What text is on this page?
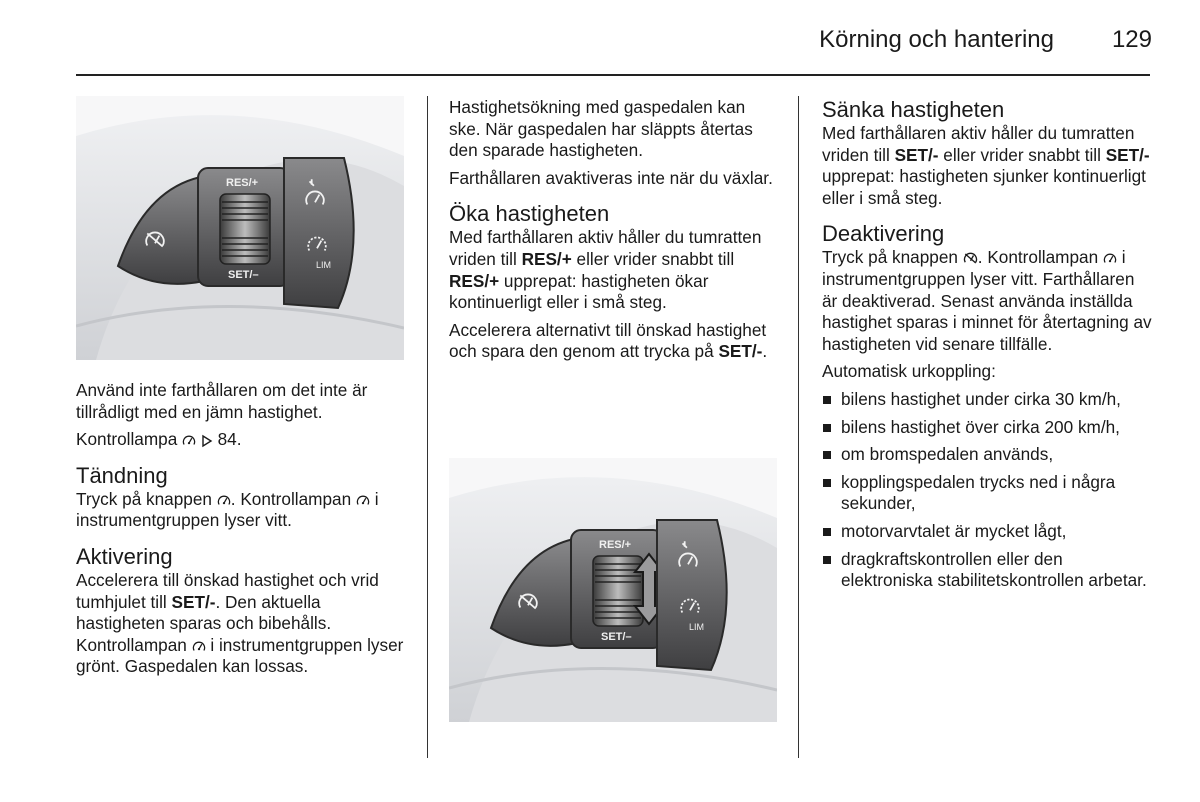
Körning och hantering 129
RES/+
SET/–
LIM

Använd inte farthållaren om det inte är tillrådligt med en jämn hastighet.

Kontrollampa   84.

Tändning

Tryck på knappen . Kontrollampan  i instrumentgruppen lyser vitt.

Aktivering

Accelerera till önskad hastighet och vrid tumhjulet till SET/-. Den aktuella hastigheten sparas och bibehålls. Kontrollampan  i instrumentgruppen lyser grönt. Gaspedalen kan lossas.

Hastighetsökning med gaspedalen kan ske. När gaspedalen har släppts återtas den sparade hastigheten.

Farthållaren avaktiveras inte när du växlar.

Öka hastigheten

Med farthållaren aktiv håller du tumratten vriden till RES/+ eller vrider snabbt till RES/+ upprepat: hastigheten ökar kontinuerligt eller i små steg.

Accelerera alternativt till önskad hastighet och spara den genom att trycka på SET/-.

RES/+
SET/–
LIM
Sänka hastigheten

Med farthållaren aktiv håller du tumratten vriden till SET/- eller vrider snabbt till SET/- upprepat: hastigheten sjunker kontinuerligt eller i små steg.

Deaktivering

Tryck på knappen . Kontrollampan  i instrumentgruppen lyser vitt. Farthållaren är deaktiverad. Senast använda inställda hastighet sparas i minnet för återtagning av hastigheten vid senare tillfälle.

Automatisk urkoppling:

bilens hastighet under cirka 30 km/h,
bilens hastighet över cirka 200 km/h,
om bromspedalen används,
kopplingspedalen trycks ned i några sekunder,
motorvarvtalet är mycket lågt,
dragkraftskontrollen eller den elektroniska stabilitetskontrollen arbetar.
